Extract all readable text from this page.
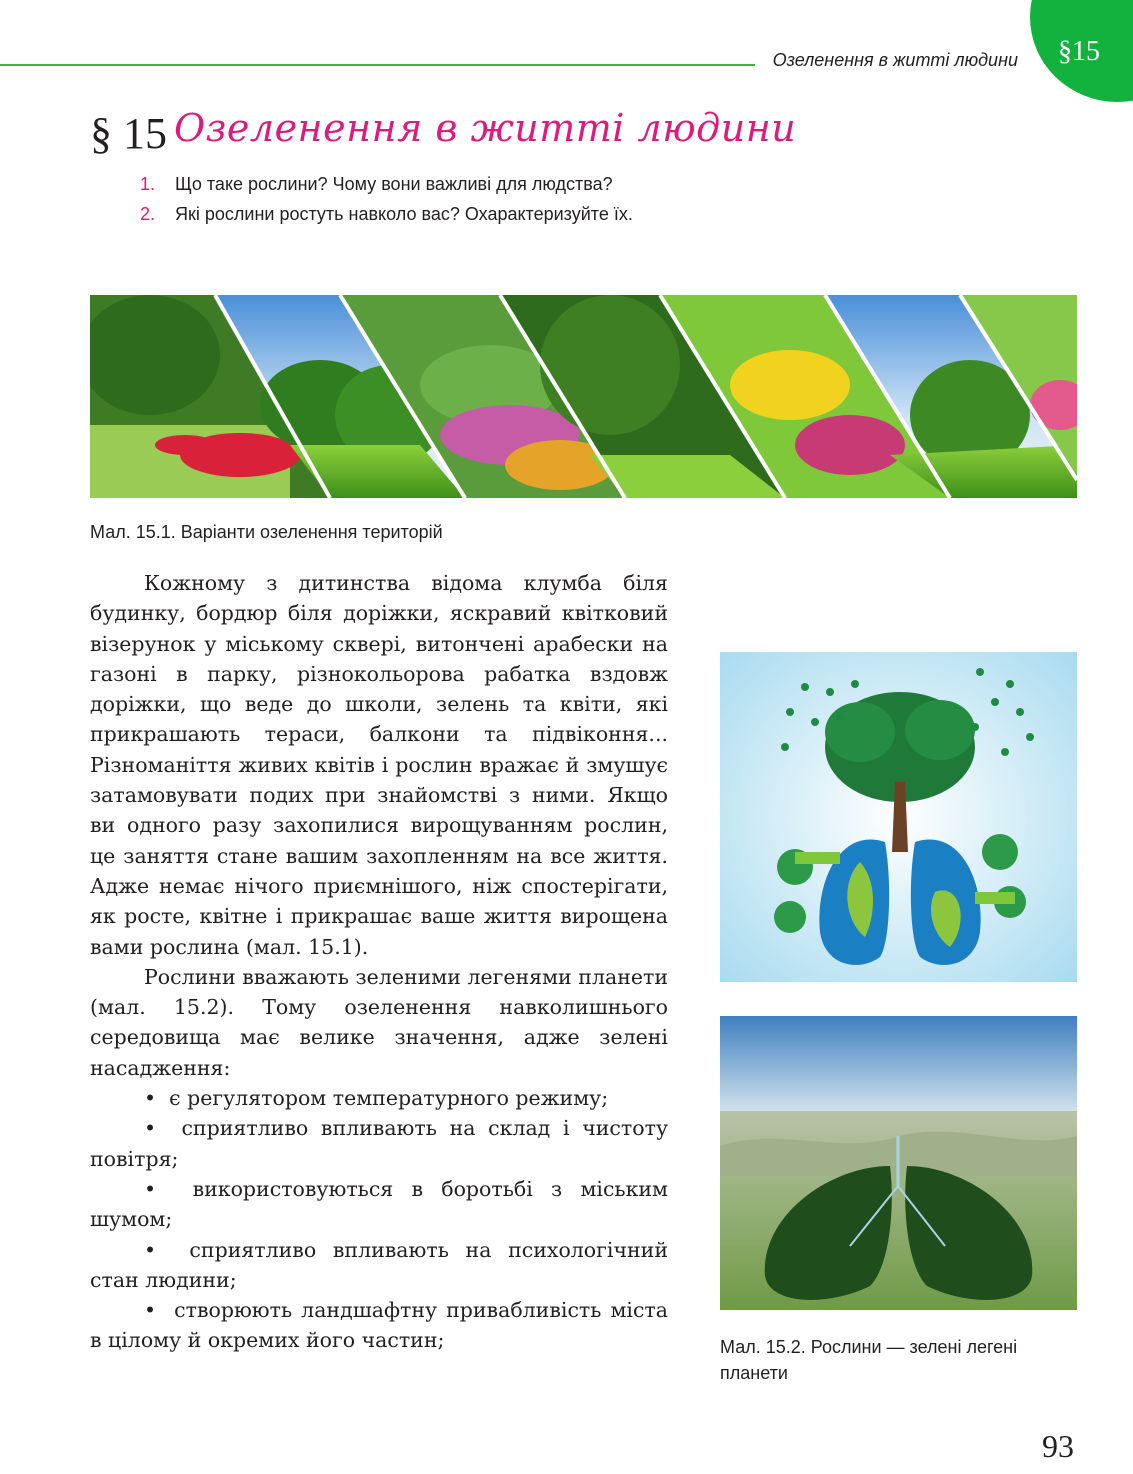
Озеленення в житті людини §15
§ 15 Озеленення в житті людини
1. Що таке рослини? Чому вони важливі для людства?
2. Які рослини ростуть навколо вас? Охарактеризуйте їх.
Мал. 15.1. Варіанти озеленення територій

Кожному з дитинства відома клумба біля будинку, бордюр біля доріжки, яскравий квітковий візерунок у міському сквері, витончені арабески на газоні в парку, різнокольорова рабатка вздовж доріжки, що веде до школи, зелень та квіти, які прикрашають тераси, балкони та підвіконня... Різноманіття живих квітів і рослин вражає й змушує затамовувати подих при знайомстві з ними. Якщо ви одного разу захопилися вирощуванням рослин, це заняття стане вашим захопленням на все життя. Адже немає нічого приємнішого, ніж спостерігати, як росте, квітне і прикрашає ваше життя вирощена вами рослина (мал. 15.1).

Рослини вважають зеленими легенями планети (мал. 15.2). Тому озеленення навколишнього середовища має велике значення, адже зелені насадження:

•  є регулятором температурного режиму;

•  сприятливо впливають на склад і чистоту повітря;

•  використовуються в боротьбі з міським шумом;

•  сприятливо впливають на психологічний стан людини;

•  створюють ландшафтну привабливість міста в цілому й окремих його частин;	Мал. 15.2. Рослини — зелені легені планети
93
